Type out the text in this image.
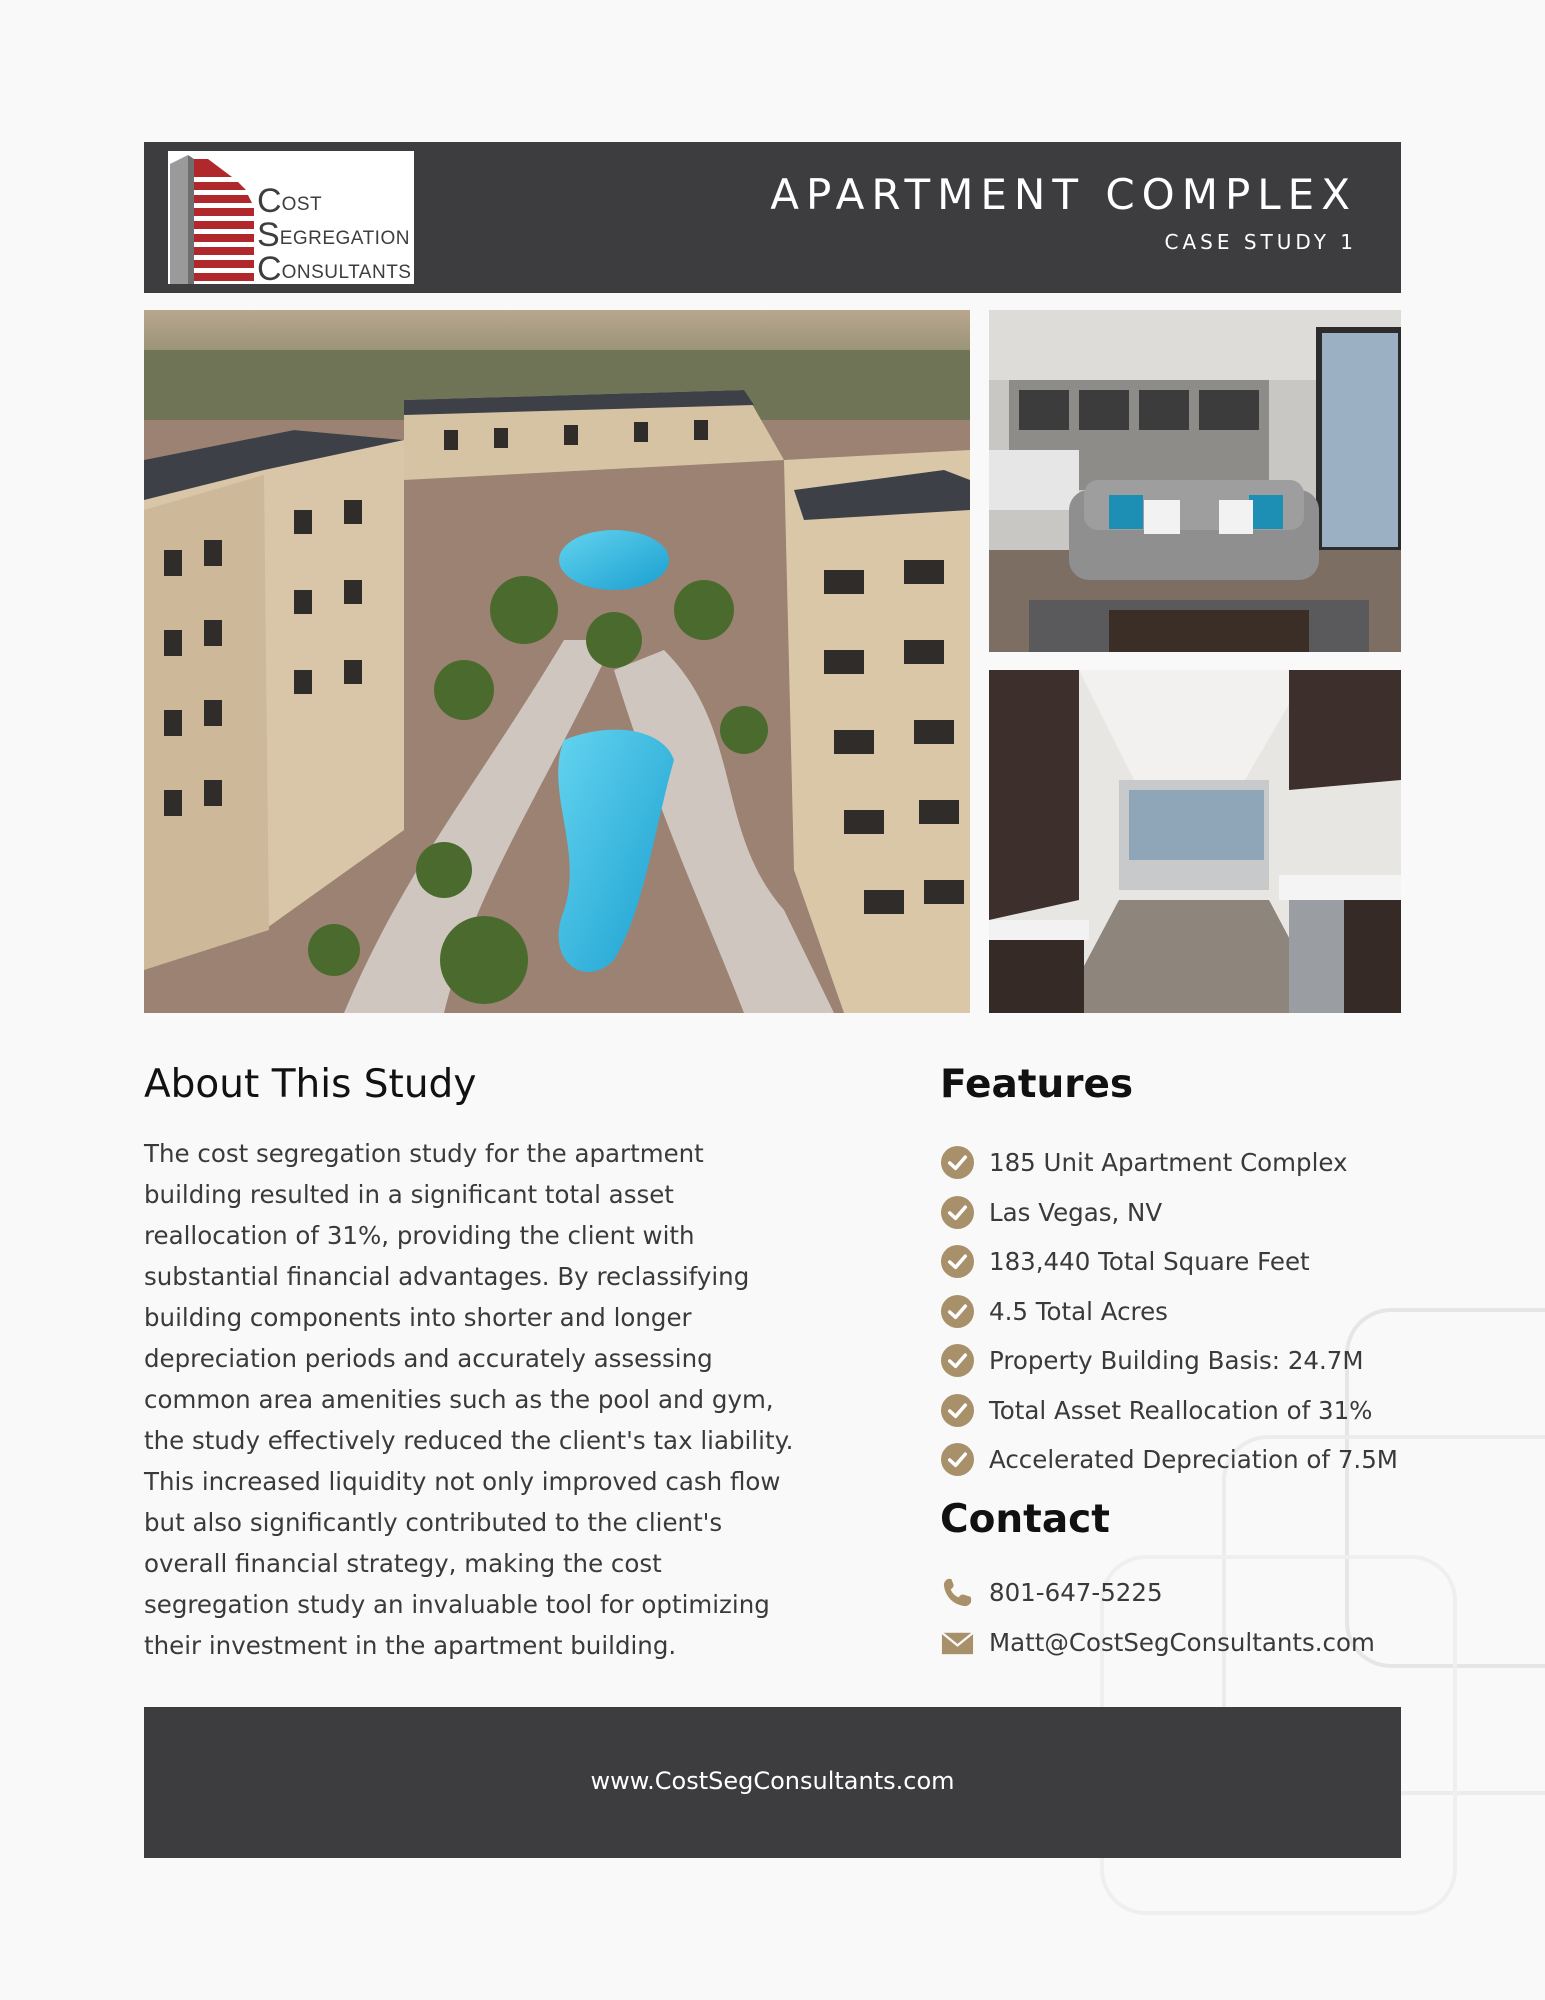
COST
SEGREGATION
CONSULTANTS
APARTMENT COMPLEX
CASE STUDY 1
About This Study

The cost segregation study for the apartment building resulted in a significant total asset reallocation of 31%, providing the client with substantial financial advantages. By reclassifying building components into shorter and longer depreciation periods and accurately assessing common area amenities such as the pool and gym, the study effectively reduced the client's tax liability. This increased liquidity not only improved cash flow but also significantly contributed to the client's overall financial strategy, making the cost segregation study an invaluable tool for optimizing their investment in the apartment building.

Features
185 Unit Apartment Complex
Las Vegas, NV
183,440 Total Square Feet
4.5 Total Acres
Property Building Basis: 24.7M
Total Asset Reallocation of 31%
Accelerated Depreciation of 7.5M
Contact
801-647-5225
Matt@CostSegConsultants.com
www.CostSegConsultants.com
